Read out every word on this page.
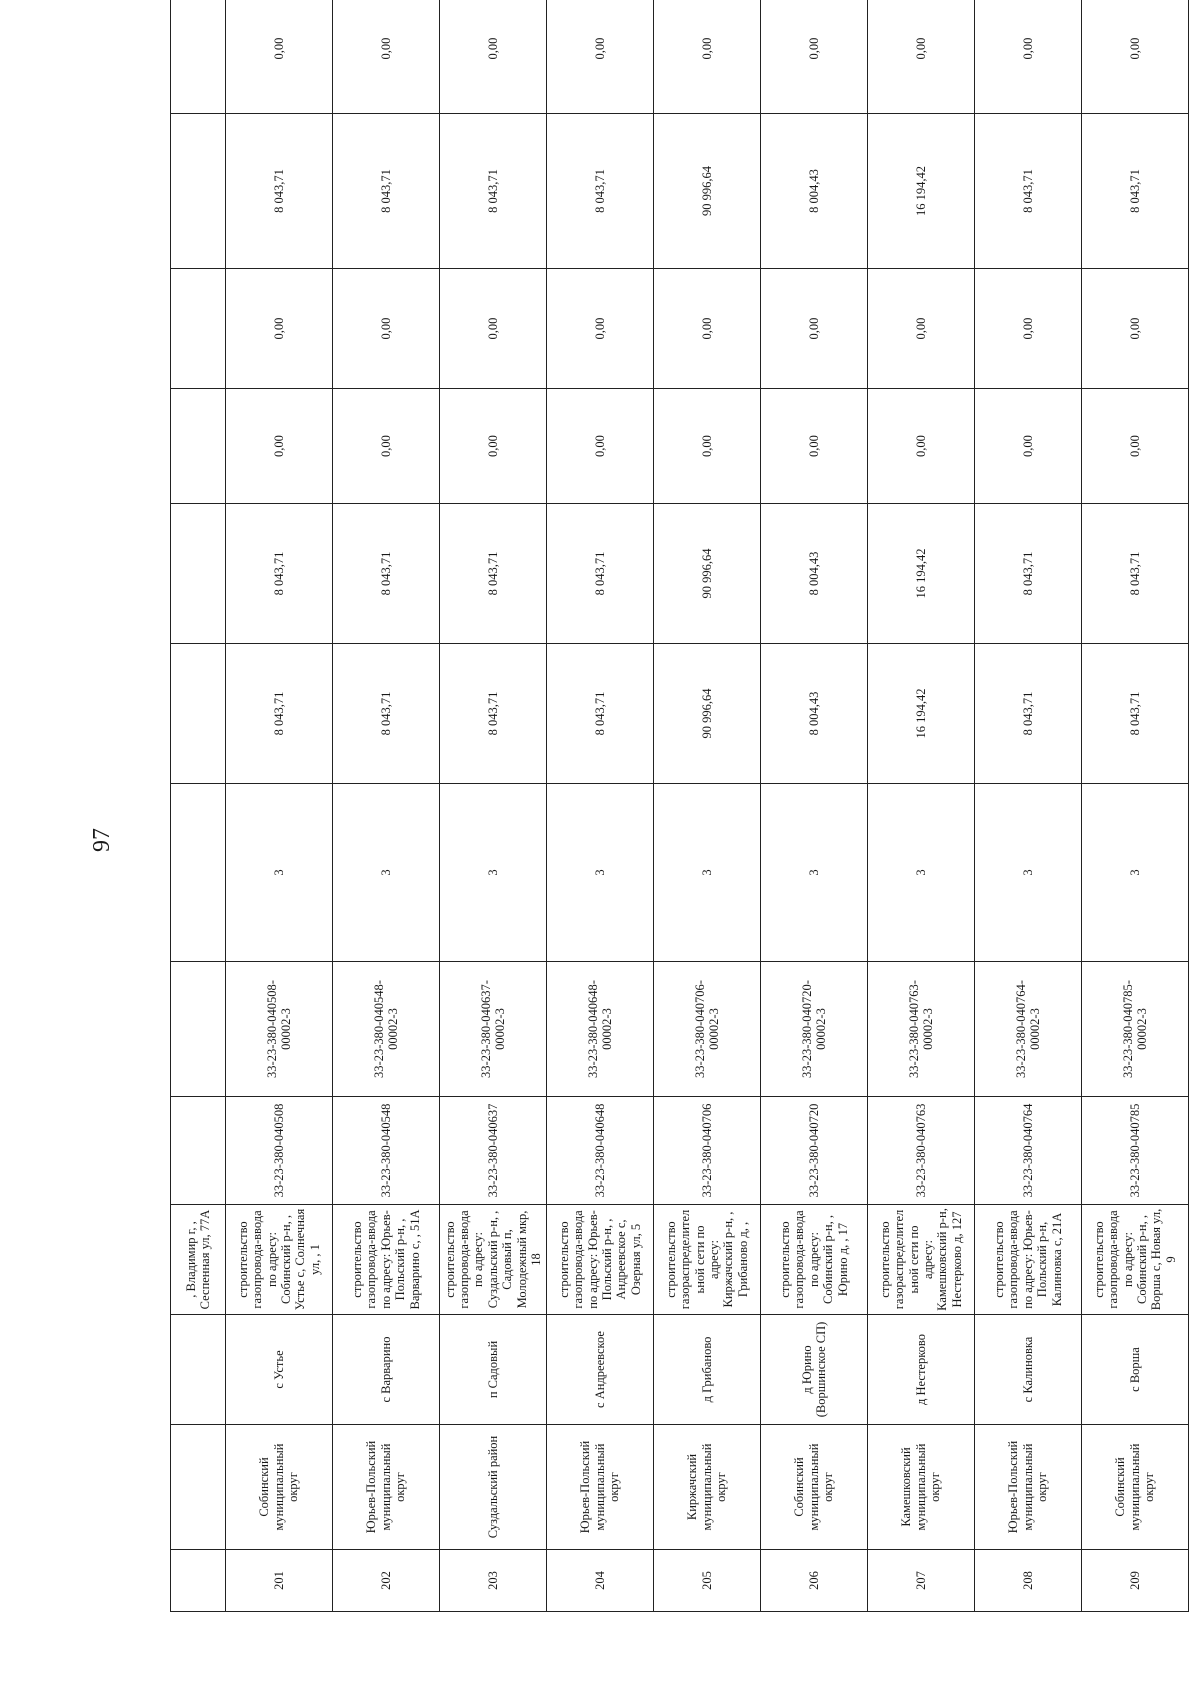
97
			, Владимир г, , Сеспенная ул, 77А									
201	Собинский муниципальный округ	с Устье	строительство газопровода-ввода по адресу: Собинский р-н, , Устье с, Солнечная ул, , 1	33-23-380-040508	33-23-380-040508-00002-3	3	8 043,71	8 043,71	0,00	0,00	8 043,71	0,00
202	Юрьев-Польский муниципальный округ	с Варварино	строительство газопровода-ввода по адресу: Юрьев-Польский р-н, , Варварино с, , 51А	33-23-380-040548	33-23-380-040548-00002-3	3	8 043,71	8 043,71	0,00	0,00	8 043,71	0,00
203	Суздальский район	п Садовый	строительство газопровода-ввода по адресу: Суздальский р-н, , Садовый п, Молодежный мкр, 18	33-23-380-040637	33-23-380-040637-00002-3	3	8 043,71	8 043,71	0,00	0,00	8 043,71	0,00
204	Юрьев-Польский муниципальный округ	с Андреевское	строительство газопровода-ввода по адресу: Юрьев-Польский р-н, , Андреевское с, Озерная ул, 5	33-23-380-040648	33-23-380-040648-00002-3	3	8 043,71	8 043,71	0,00	0,00	8 043,71	0,00
205	Киржачский муниципальный округ	д Грибаново	строительство газораспределительной сети по адресу: Киржачский р-н, , Грибаново д, ,	33-23-380-040706	33-23-380-040706-00002-3	3	90 996,64	90 996,64	0,00	0,00	90 996,64	0,00
206	Собинский муниципальный округ	д Юрино (Воршинское СП)	строительство газопровода-ввода по адресу: Собинский р-н, , Юрино д, , 17	33-23-380-040720	33-23-380-040720-00002-3	3	8 004,43	8 004,43	0,00	0,00	8 004,43	0,00
207	Камешковский муниципальный округ	д Нестерково	строительство газораспределительной сети по адресу: Камешковский р-н, Нестерково д, 127	33-23-380-040763	33-23-380-040763-00002-3	3	16 194,42	16 194,42	0,00	0,00	16 194,42	0,00
208	Юрьев-Польский муниципальный округ	с Калиновка	строительство газопровода-ввода по адресу: Юрьев-Польский р-н, Калиновка с, 21А	33-23-380-040764	33-23-380-040764-00002-3	3	8 043,71	8 043,71	0,00	0,00	8 043,71	0,00
209	Собинский муниципальный округ	с Ворша	строительство газопровода-ввода по адресу: Собинский р-н, , Ворша с, Новая ул, 9	33-23-380-040785	33-23-380-040785-00002-3	3	8 043,71	8 043,71	0,00	0,00	8 043,71	0,00
